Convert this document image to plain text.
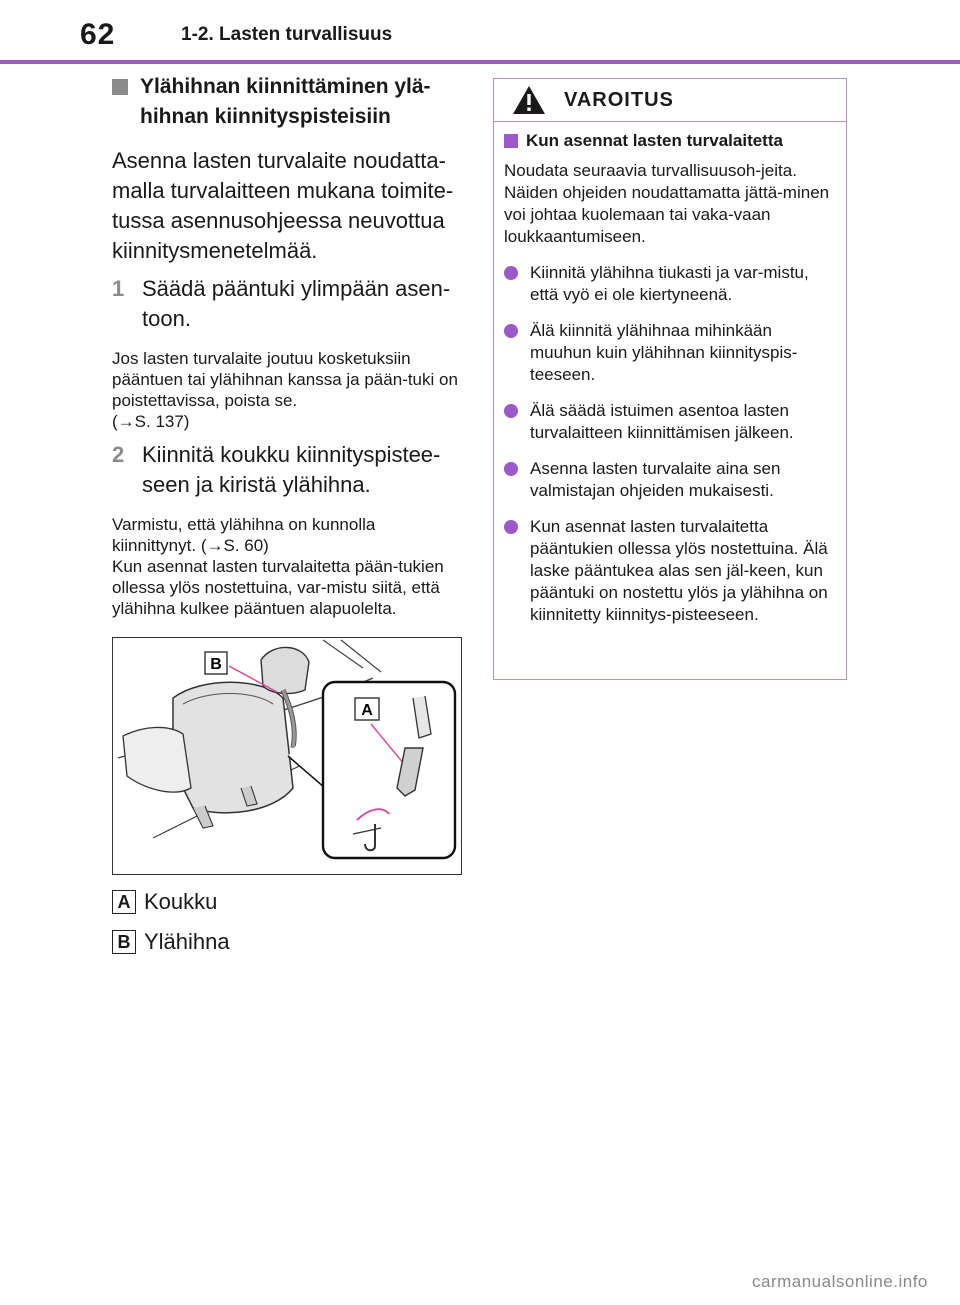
62	1-2. Lasten turvallisuus
Ylähihnan kiinnittäminen ylä-hihnan kiinnityspisteisiin
Asenna lasten turvalaite noudatta-malla turvalaitteen mukana toimite-tussa asennusohjeessa neuvottua kiinnitysmenetelmää.
1 Säädä pääntuki ylimpään asen-toon.
Jos lasten turvalaite joutuu kosketuksiin pääntuen tai ylähihnan kanssa ja pään-tuki on poistettavissa, poista se.
(→S. 137)
2 Kiinnitä koukku kiinnityspistee-seen ja kiristä ylähihna.
Varmistu, että ylähihna on kunnolla kiinnittynyt. (→S. 60)
Kun asennat lasten turvalaitetta pään-tukien ollessa ylös nostettuina, var-mistu siitä, että ylähihna kulkee pääntuen alapuolelta.
B
A
A Koukku
B Ylähihna
VAROITUS
Kun asennat lasten turvalaitetta
Noudata seuraavia turvallisuusoh-jeita.
Näiden ohjeiden noudattamatta jättä-minen voi johtaa kuolemaan tai vaka-vaan loukkaantumiseen.
Kiinnitä ylähihna tiukasti ja var-mistu, että vyö ei ole kiertyneenä.
Älä kiinnitä ylähihnaa mihinkään muuhun kuin ylähihnan kiinnityspis-teeseen.
Älä säädä istuimen asentoa lasten turvalaitteen kiinnittämisen jälkeen.
Asenna lasten turvalaite aina sen valmistajan ohjeiden mukaisesti.
Kun asennat lasten turvalaitetta pääntukien ollessa ylös nostettuina. Älä laske pääntukea alas sen jäl-keen, kun pääntuki on nostettu ylös ja ylähihna on kiinnitetty kiinnitys-pisteeseen.
carmanualsonline.info
